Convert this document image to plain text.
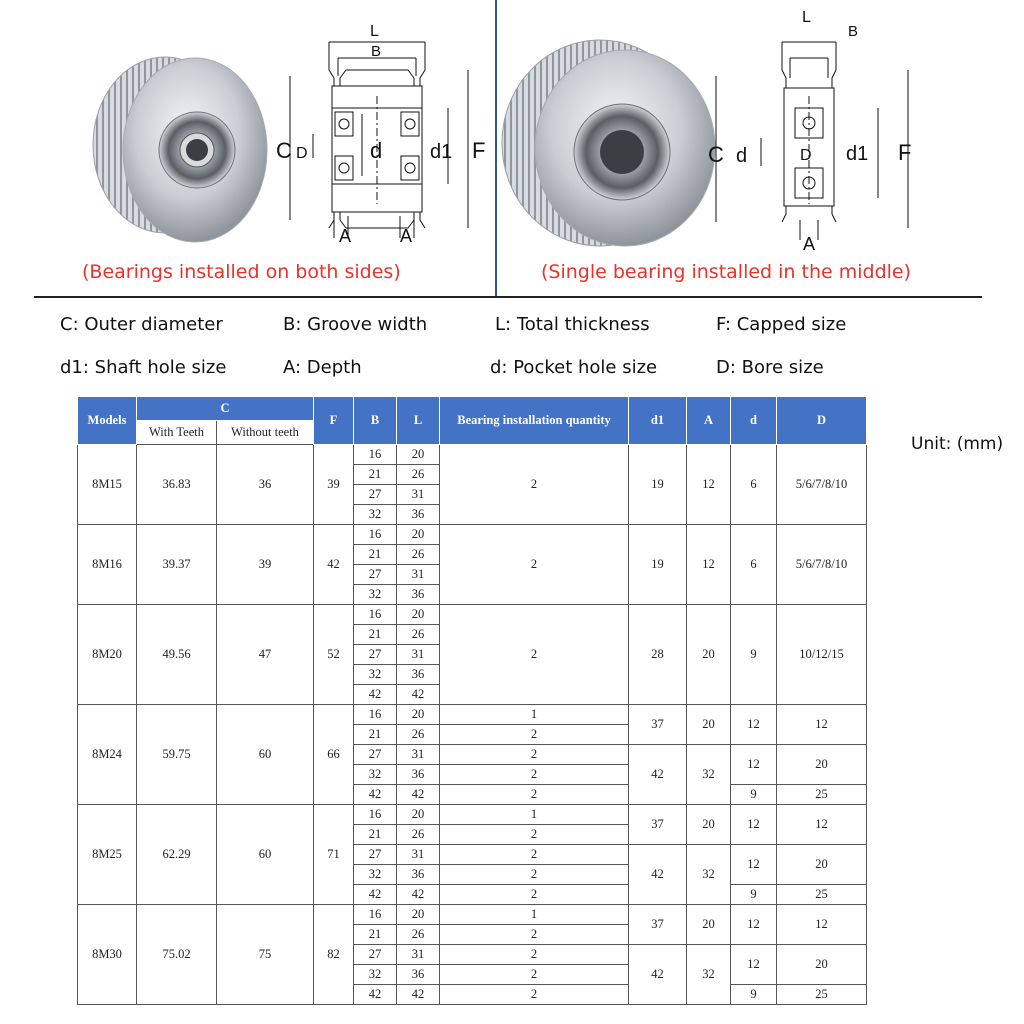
C D	d d1 F
L
B
A	A
C d	D d1 F
L
B
A
(Bearings installed on both sides)	(Single bearing installed in the middle)
C: Outer diameter	B: Groove width	L: Total thickness	F: Capped size
d1: Shaft hole size	A: Depth	d: Pocket hole size	D: Bore size
Unit: (mm)
Models	C		F	B	L	Bearing installation quantity	d1	A	d	D
	With Teeth	Without teeth								
8M15	36.83	36	39	16	20	2	19	12	6	5/6/7/8/10
				21	26					
				27	31					
				32	36					
8M16	39.37	39	42	16	20	2	19	12	6	5/6/7/8/10
				21	26					
				27	31					
				32	36					
8M20	49.56	47	52	16	20	2	28	20	9	10/12/15
				21	26					
				27	31					
				32	36					
				42	42					
8M24	59.75	60	66	16	20	1	37	20	12	12
				21	26	2				
				27	31	2	42	32	12	20
				32	36	2				
				42	42	2			9	25
8M25	62.29	60	71	16	20	1	37	20	12	12
				21	26	2				
				27	31	2	42	32	12	20
				32	36	2				
				42	42	2			9	25
8M30	75.02	75	82	16	20	1	37	20	12	12
				21	26	2				
				27	31	2	42	32	12	20
				32	36	2				
				42	42	2			9	25
